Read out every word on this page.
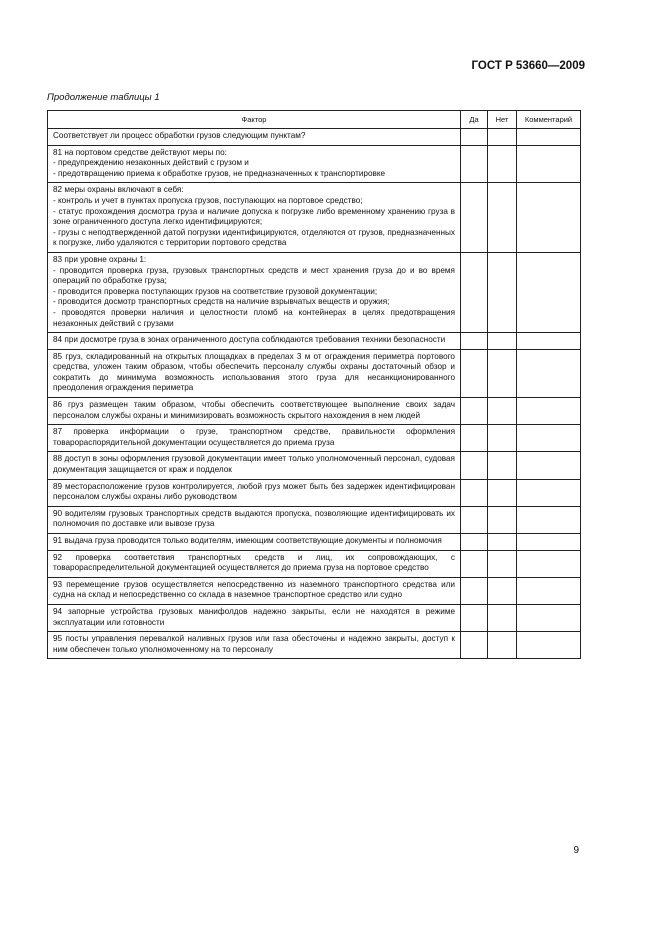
ГОСТ Р 53660—2009
Продолжение таблицы 1
Фактор	Да	Нет	Комментарий

Соответствует ли процесс обработки грузов следующим пунктам?			

81 на портовом средстве действуют меры по:
- предупреждению незаконных действий с грузом и
- предотвращению приема к обработке грузов, не предназначенных к транспортировке			

82 меры охраны включают в себя:
- контроль и учет в пунктах пропуска грузов, поступающих на портовое средство;
- статус прохождения досмотра груза и наличие допуска к погрузке либо временному хранению груза в зоне ограниченного доступа легко идентифицируются;
- грузы с неподтвержденной датой погрузки идентифицируются, отделяются от грузов, предназначенных к погрузке, либо удаляются с территории портового средства			

83 при уровне охраны 1:
- проводится проверка груза, грузовых транспортных средств и мест хранения груза до и во время операций по обработке груза;
- проводится проверка поступающих грузов на соответствие грузовой документации;
- проводится досмотр транспортных средств на наличие взрывчатых веществ и оружия;
- проводятся проверки наличия и целостности пломб на контейнерах в целях предотвращения незаконных действий с грузами			

84 при досмотре груза в зонах ограниченного доступа соблюдаются требования техники безопасности			

85 груз, складированный на открытых площадках в пределах 3 м от ограждения периметра портового средства, уложен таким образом, чтобы обеспечить персоналу службы охраны достаточный обзор и сократить до минимума возможность использования этого груза для несанкционированного преодоления ограждения периметра			

86 груз размещен таким образом, чтобы обеспечить соответствующее выполнение своих задач персоналом службы охраны и минимизировать возможность скрытого нахождения в нем людей			

87 проверка информации о грузе, транспортном средстве, правильности оформления товарораспорядительной документации осуществляется до приема груза			

88 доступ в зоны оформления грузовой документации имеет только уполномоченный персонал, судовая документация защищается от краж и подделок			

89 месторасположение грузов контролируется, любой груз может быть без задержек идентифицирован персоналом службы охраны либо руководством			

90 водителям грузовых транспортных средств выдаются пропуска, позволяющие идентифицировать их полномочия по доставке или вывозе груза			

91 выдача груза проводится только водителям, имеющим соответствующие документы и полномочия			

92 проверка соответствия транспортных средств и лиц, их сопровождающих, с товарораспределительной документацией осуществляется до приема груза на портовое средство			

93 перемещение грузов осуществляется непосредственно из наземного транспортного средства или судна на склад и непосредственно со склада в наземное транспортное средство или судно			

94 запорные устройства грузовых манифолдов надежно закрыты, если не находятся в режиме эксплуатации или готовности			

95 посты управления перевалкой наливных грузов или газа обесточены и надежно закрыты, доступ к ним обеспечен только уполномоченному на то персоналу			

9
